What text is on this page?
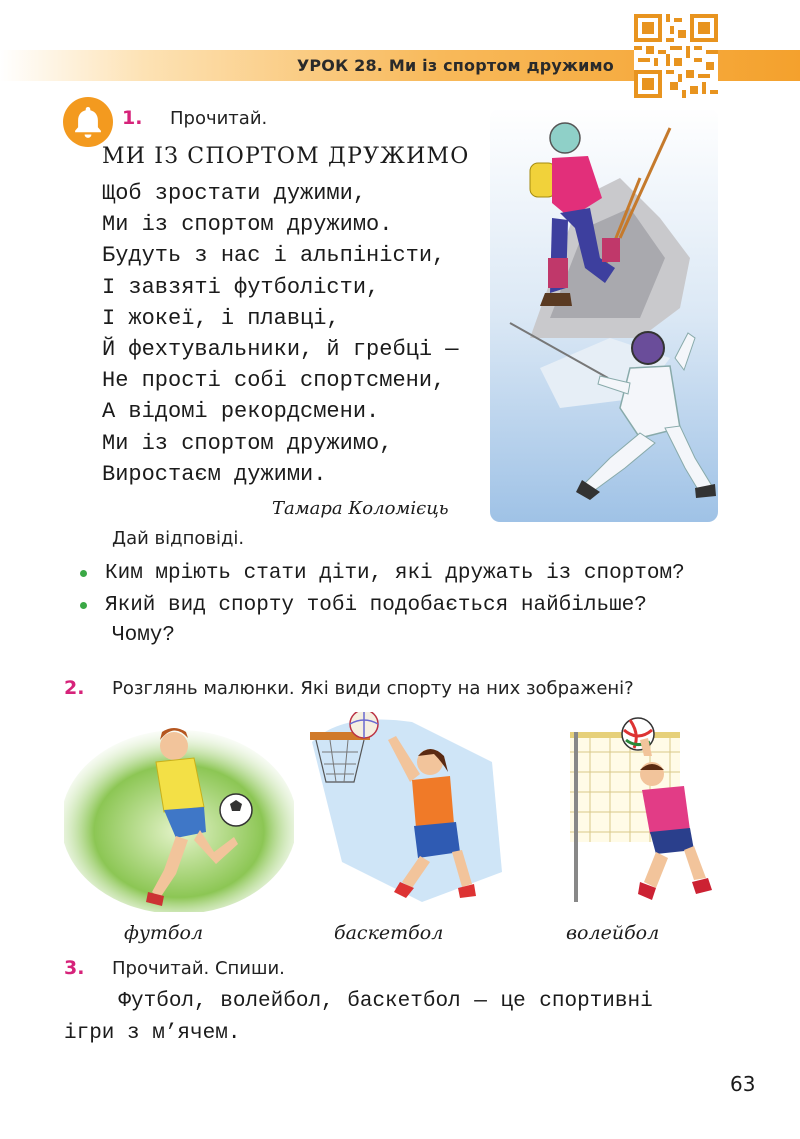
УРОК 28. Ми із спортом дружимо
1. Прочитай.
МИ ІЗ СПОРТОМ ДРУЖИМО
Щоб зростати дужими,
Ми із спортом дружимо.
Будуть з нас і альпіністи,
І завзяті футболісти,
І жокеї, і плавці,
Й фехтувальники, й гребці —
Не прості собі спортсмени,
А відомі рекордсмени.
Ми із спортом дружимо,
Виростаєм дужими.
Тамара Коломієць
Дай відповіді.
Ким мріють стати діти, які дружать із спортом?
Який вид спорту тобі подобається найбільше?
Чому?
2. Розглянь малюнки. Які види спорту на них зображені?
футбол	баскетбол	волейбол
3. Прочитай. Спиши.
Футбол, волейбол, баскетбол — це спортивні
ігри з м’ячем.
63
